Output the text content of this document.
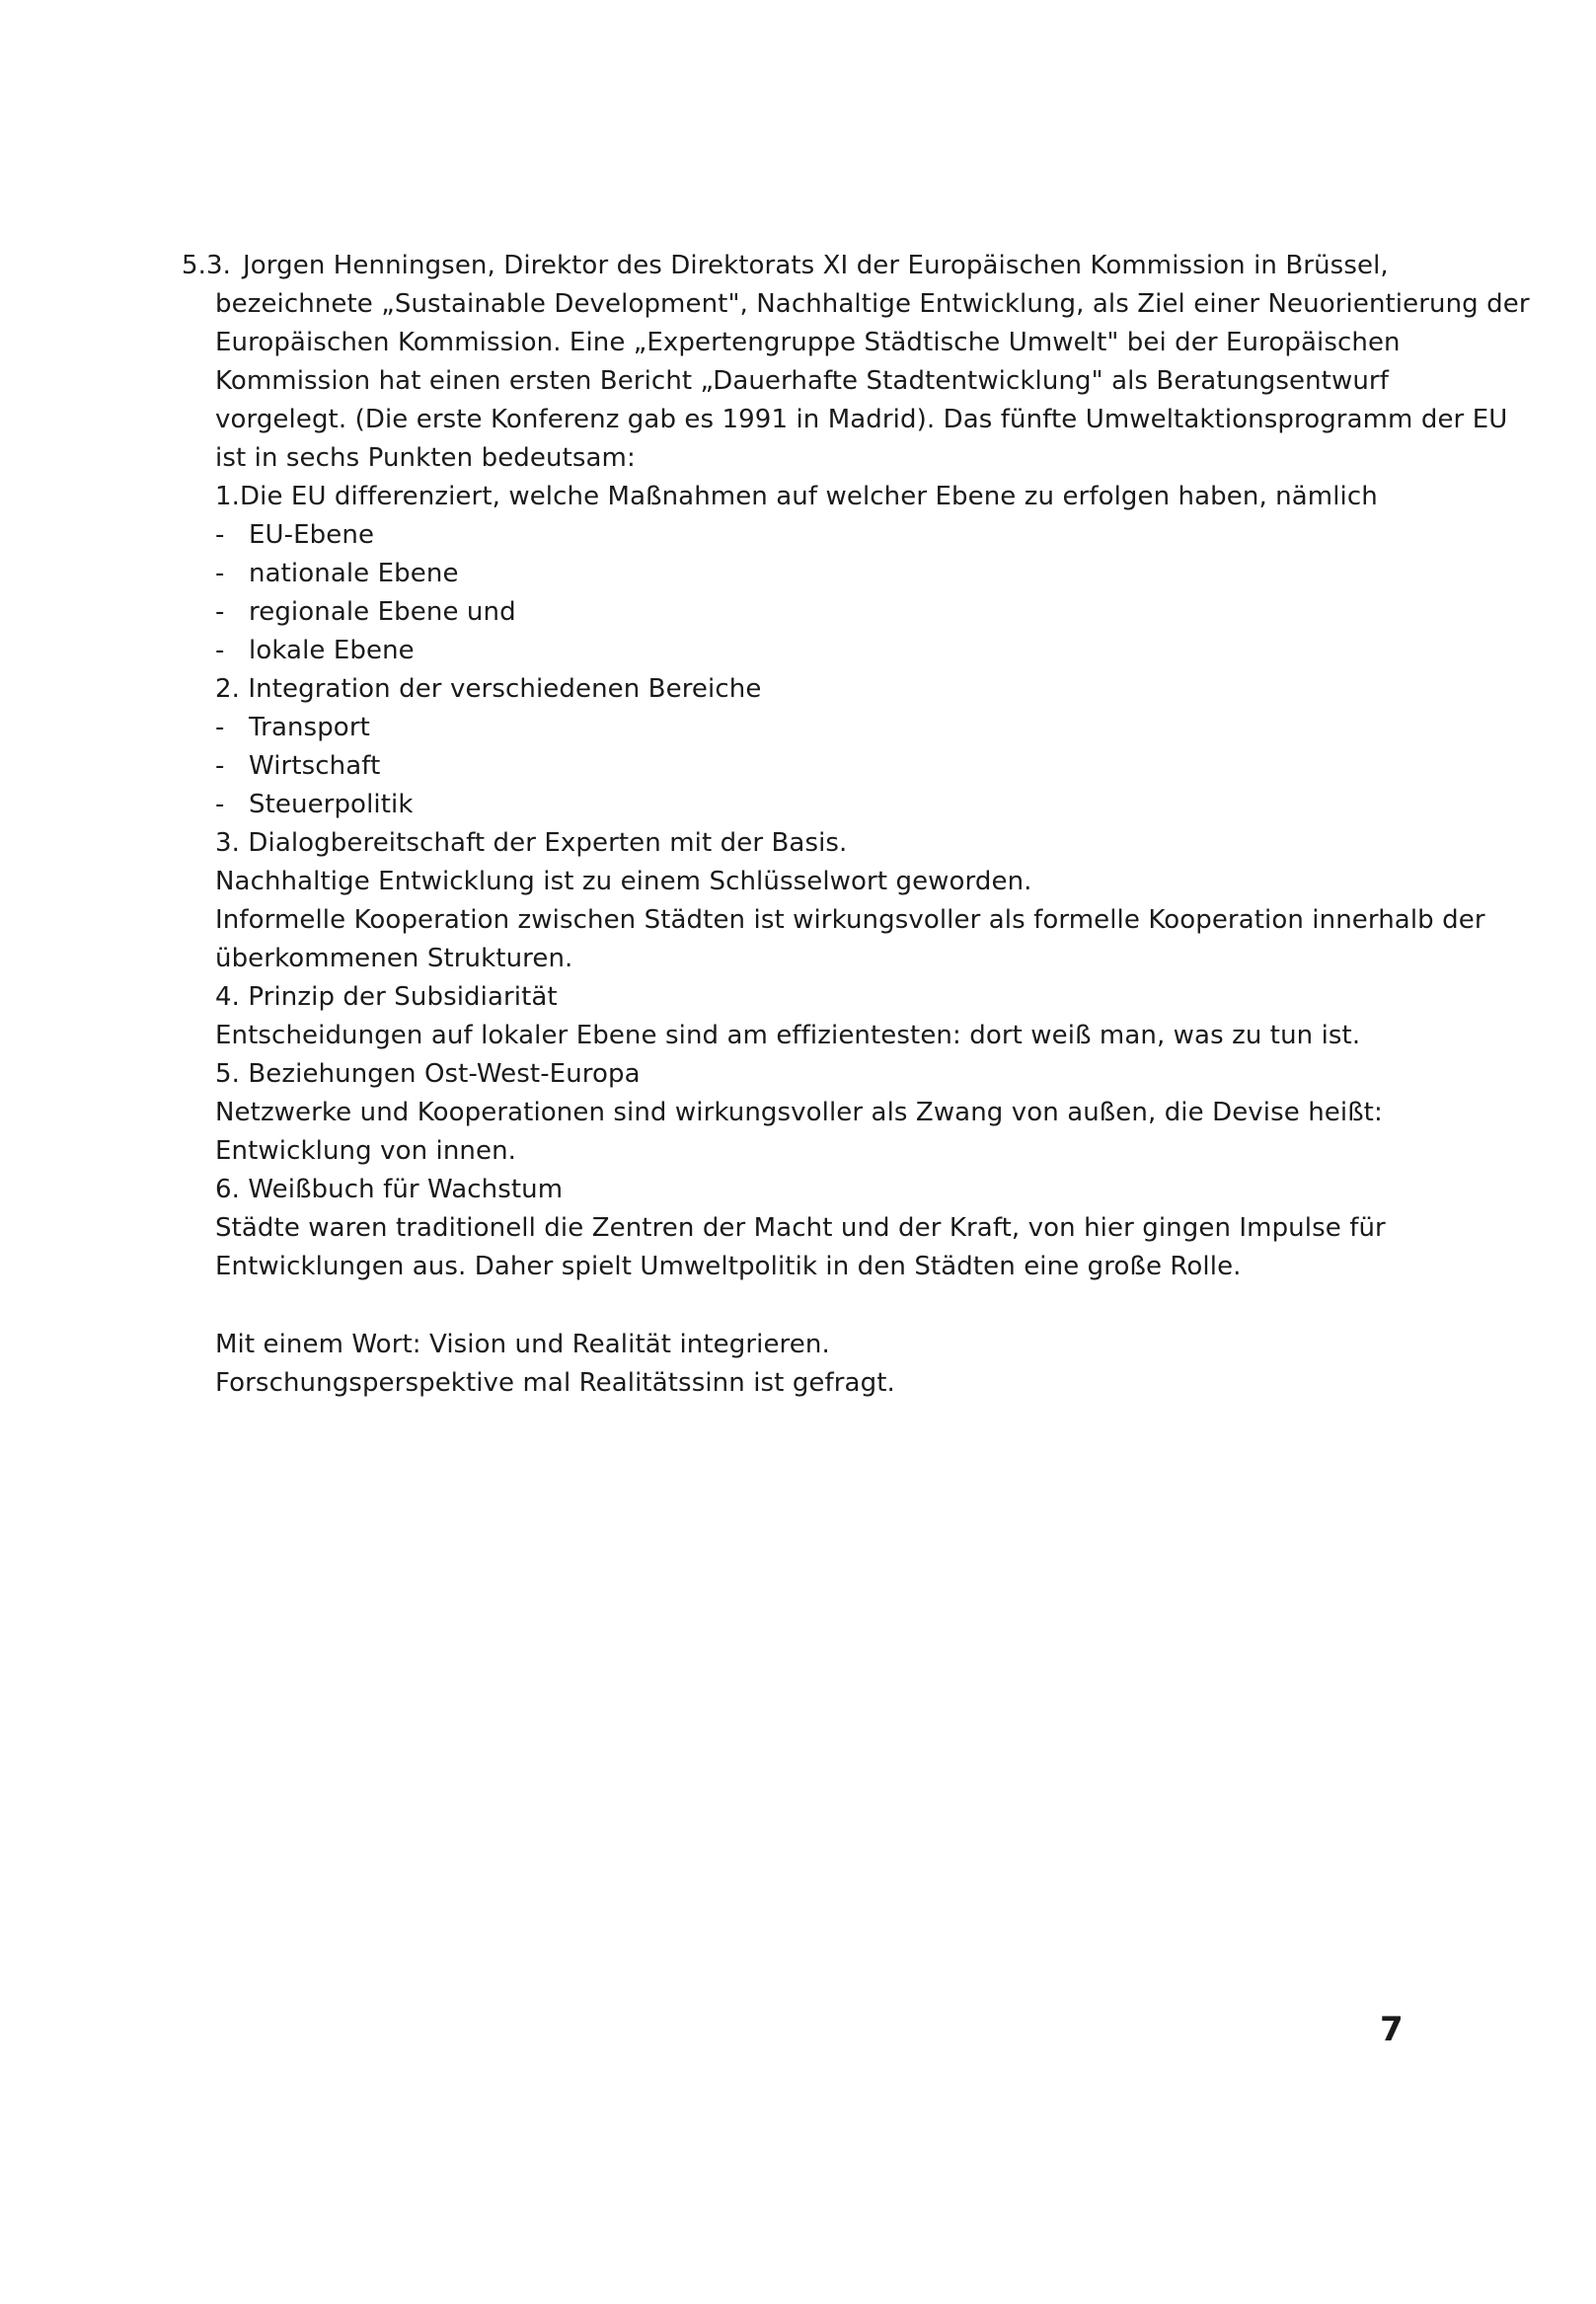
5.3. Jorgen Henningsen, Direktor des Direktorats XI der Europäischen Kommission in Brüssel,
bezeichnete „Sustainable Development", Nachhaltige Entwicklung, als Ziel einer Neuorientierung der
Europäischen Kommission. Eine „Expertengruppe Städtische Umwelt" bei der Europäischen
Kommission hat einen ersten Bericht „Dauerhafte Stadtentwicklung" als Beratungsentwurf
vorgelegt. (Die erste Konferenz gab es 1991 in Madrid). Das fünfte Umweltaktionsprogramm der EU
ist in sechs Punkten bedeutsam:
1.Die EU differenziert, welche Maßnahmen auf welcher Ebene zu erfolgen haben, nämlich
- EU-Ebene
- nationale Ebene
- regionale Ebene und
- lokale Ebene
2. Integration der verschiedenen Bereiche
- Transport
- Wirtschaft
- Steuerpolitik
3. Dialogbereitschaft der Experten mit der Basis.
Nachhaltige Entwicklung ist zu einem Schlüsselwort geworden.
Informelle Kooperation zwischen Städten ist wirkungsvoller als formelle Kooperation innerhalb der
überkommenen Strukturen.
4. Prinzip der Subsidiarität
Entscheidungen auf lokaler Ebene sind am effizientesten: dort weiß man, was zu tun ist.
5. Beziehungen Ost-West-Europa
Netzwerke und Kooperationen sind wirkungsvoller als Zwang von außen, die Devise heißt:
Entwicklung von innen.
6. Weißbuch für Wachstum
Städte waren traditionell die Zentren der Macht und der Kraft, von hier gingen Impulse für
Entwicklungen aus. Daher spielt Umweltpolitik in den Städten eine große Rolle.
Mit einem Wort: Vision und Realität integrieren.
Forschungsperspektive mal Realitätssinn ist gefragt.
7
